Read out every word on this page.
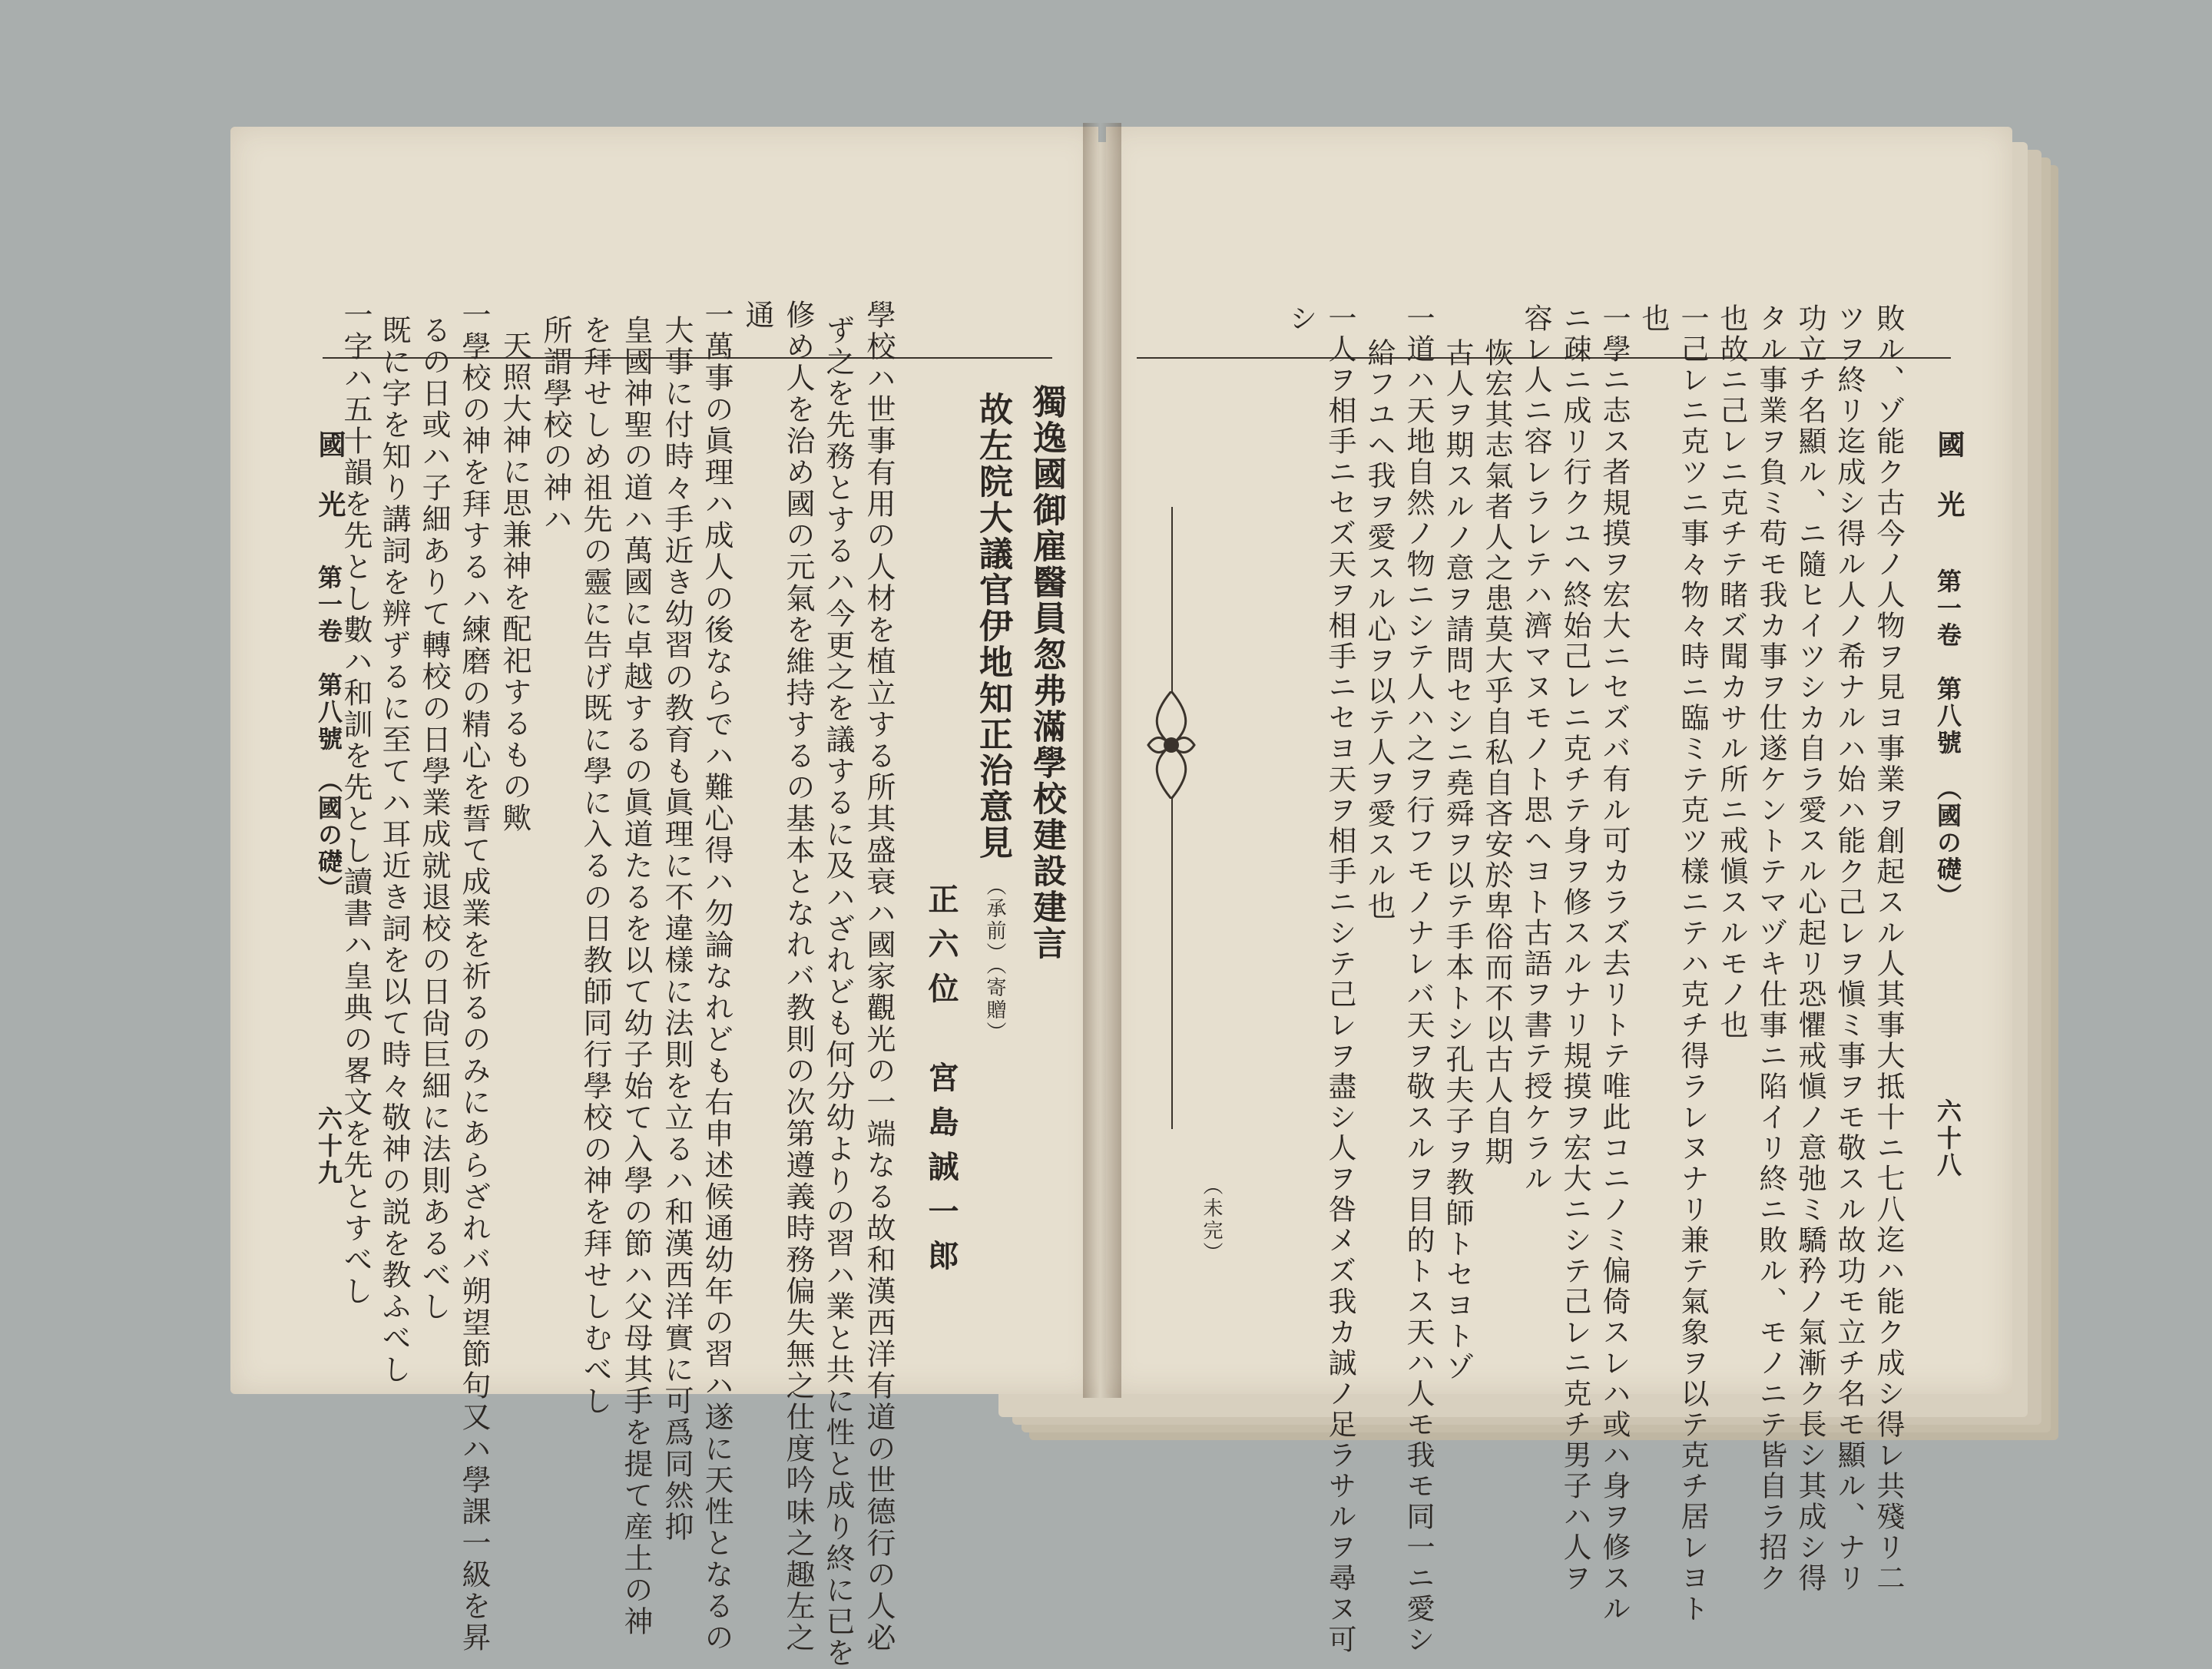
國　光
第一卷　第八號
（國の礎）
六十九
獨逸國御雇醫員怱弗滿學校建設建言
故左院大議官伊地知正治意見
（承前）（寄贈）
正六位　宮島誠一郎
學校ハ世事有用の人材を植立する所其盛衰ハ國家觀光の一端なる故和漢西洋有道の世德行の人必
ず之を先務とするハ今更之を議するに及ハざれども何分幼よりの習ハ業と共に性と成り終に已を
修め人を治め國の元氣を維持するの基本となれバ教則の次第遵義時務偏失無之仕度吟味之趣左之
通
一萬事の眞理ハ成人の後ならでハ難心得ハ勿論なれども右申述候通幼年の習ハ遂に天性となるの
大事に付時々手近き幼習の教育も眞理に不違樣に法則を立るハ和漢西洋實に可爲同然抑
皇國神聖の道ハ萬國に卓越するの眞道たるを以て幼子始て入學の節ハ父母其手を提て産土の神
を拜せしめ祖先の靈に告げ既に學に入るの日教師同行學校の神を拜せしむべし
所謂學校の神ハ
天照大神に思兼神を配祀するもの歟
一學校の神を拜するハ練磨の精心を誓て成業を祈るのみにあらざれバ朔望節句又ハ學課一級を昇
るの日或ハ子細ありて轉校の日學業成就退校の日尙巨細に法則あるべし
既に字を知り講詞を辨ずるに至てハ耳近き詞を以て時々敬神の説を教ふべし
一字ハ五十韻を先とし數ハ和訓を先とし讀書ハ皇典の畧文を先とすべし	國　光
第一卷　第八號
（國の礎）
六十八
敗ル、ゾ能ク古今ノ人物ヲ見ヨ事業ヲ創起スル人其事大抵十ニ七八迄ハ能ク成シ得レ共殘リ二
ツヲ終リ迄成シ得ル人ノ希ナルハ始ハ能ク己レヲ愼ミ事ヲモ敬スル故功モ立チ名モ顯ル、ナリ
功立チ名顯ル、ニ隨ヒイツシカ自ラ愛スル心起リ恐懼戒愼ノ意弛ミ驕矜ノ氣漸ク長シ其成シ得
タル事業ヲ負ミ苟モ我カ事ヲ仕遂ケントテマヅキ仕事ニ陷イリ終ニ敗ル、モノニテ皆自ラ招ク
也故ニ己レニ克チテ睹ズ聞カサル所ニ戒愼スルモノ也
一己レニ克ツニ事々物々時ニ臨ミテ克ツ樣ニテハ克チ得ラレヌナリ兼テ氣象ヲ以テ克チ居レヨト
也
一學ニ志ス者規摸ヲ宏大ニセズバ有ル可カラズ去リトテ唯此コニノミ偏倚スレハ或ハ身ヲ修スル
ニ疎ニ成リ行クユヘ終始己レニ克チテ身ヲ修スルナリ規摸ヲ宏大ニシテ己レニ克チ男子ハ人ヲ
容レ人ニ容レラレテハ濟マヌモノト思ヘヨト古語ヲ書テ授ケラル
恢宏其志氣者人之患莫大乎自私自吝安於卑俗而不以古人自期
古人ヲ期スルノ意ヲ請問セシニ堯舜ヲ以テ手本トシ孔夫子ヲ教師トセヨトゾ
一道ハ天地自然ノ物ニシテ人ハ之ヲ行フモノナレバ天ヲ敬スルヲ目的トス天ハ人モ我モ同一ニ愛シ
給フユヘ我ヲ愛スル心ヲ以テ人ヲ愛スル也
一人ヲ相手ニセズ天ヲ相手ニセヨ天ヲ相手ニシテ己レヲ盡シ人ヲ咎メズ我カ誠ノ足ラサルヲ尋ヌ可
シ
（未完）
